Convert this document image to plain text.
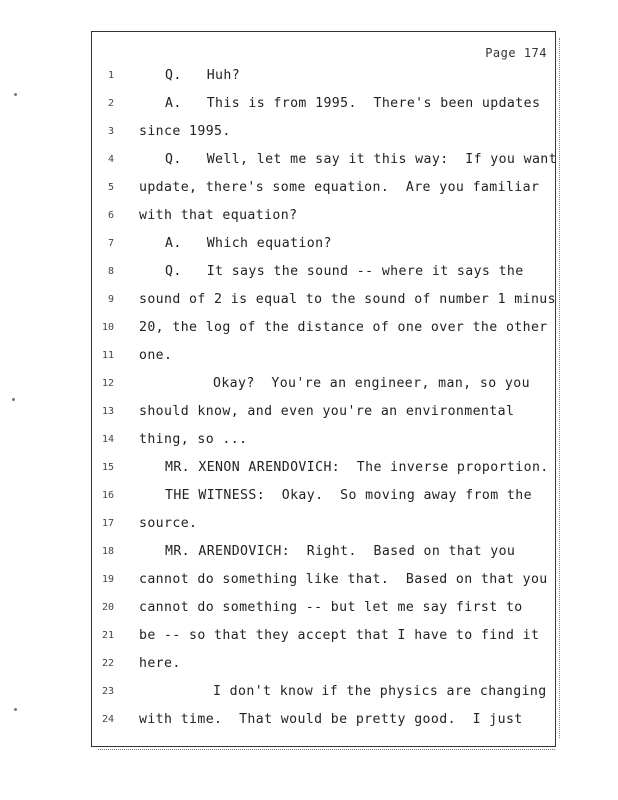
Page 174
1	Q.   Huh?
2	A.   This is from 1995.  There's been updates
3 since 1995.
4	Q.   Well, let me say it this way:  If you want
5 update, there's some equation.  Are you familiar
6 with that equation?
7	A.   Which equation?
8	Q.   It says the sound -- where it says the
9 sound of 2 is equal to the sound of number 1 minus
10 20, the log of the distance of one over the other
11 one.
12	Okay?  You're an engineer, man, so you
13 should know, and even you're an environmental
14 thing, so ...
15	MR. XENON ARENDOVICH:  The inverse proportion.
16	THE WITNESS:  Okay.  So moving away from the
17 source.
18	MR. ARENDOVICH:  Right.  Based on that you
19 cannot do something like that.  Based on that you
20 cannot do something -- but let me say first to
21 be -- so that they accept that I have to find it
22 here.
23	I don't know if the physics are changing
24 with time.  That would be pretty good.  I just
